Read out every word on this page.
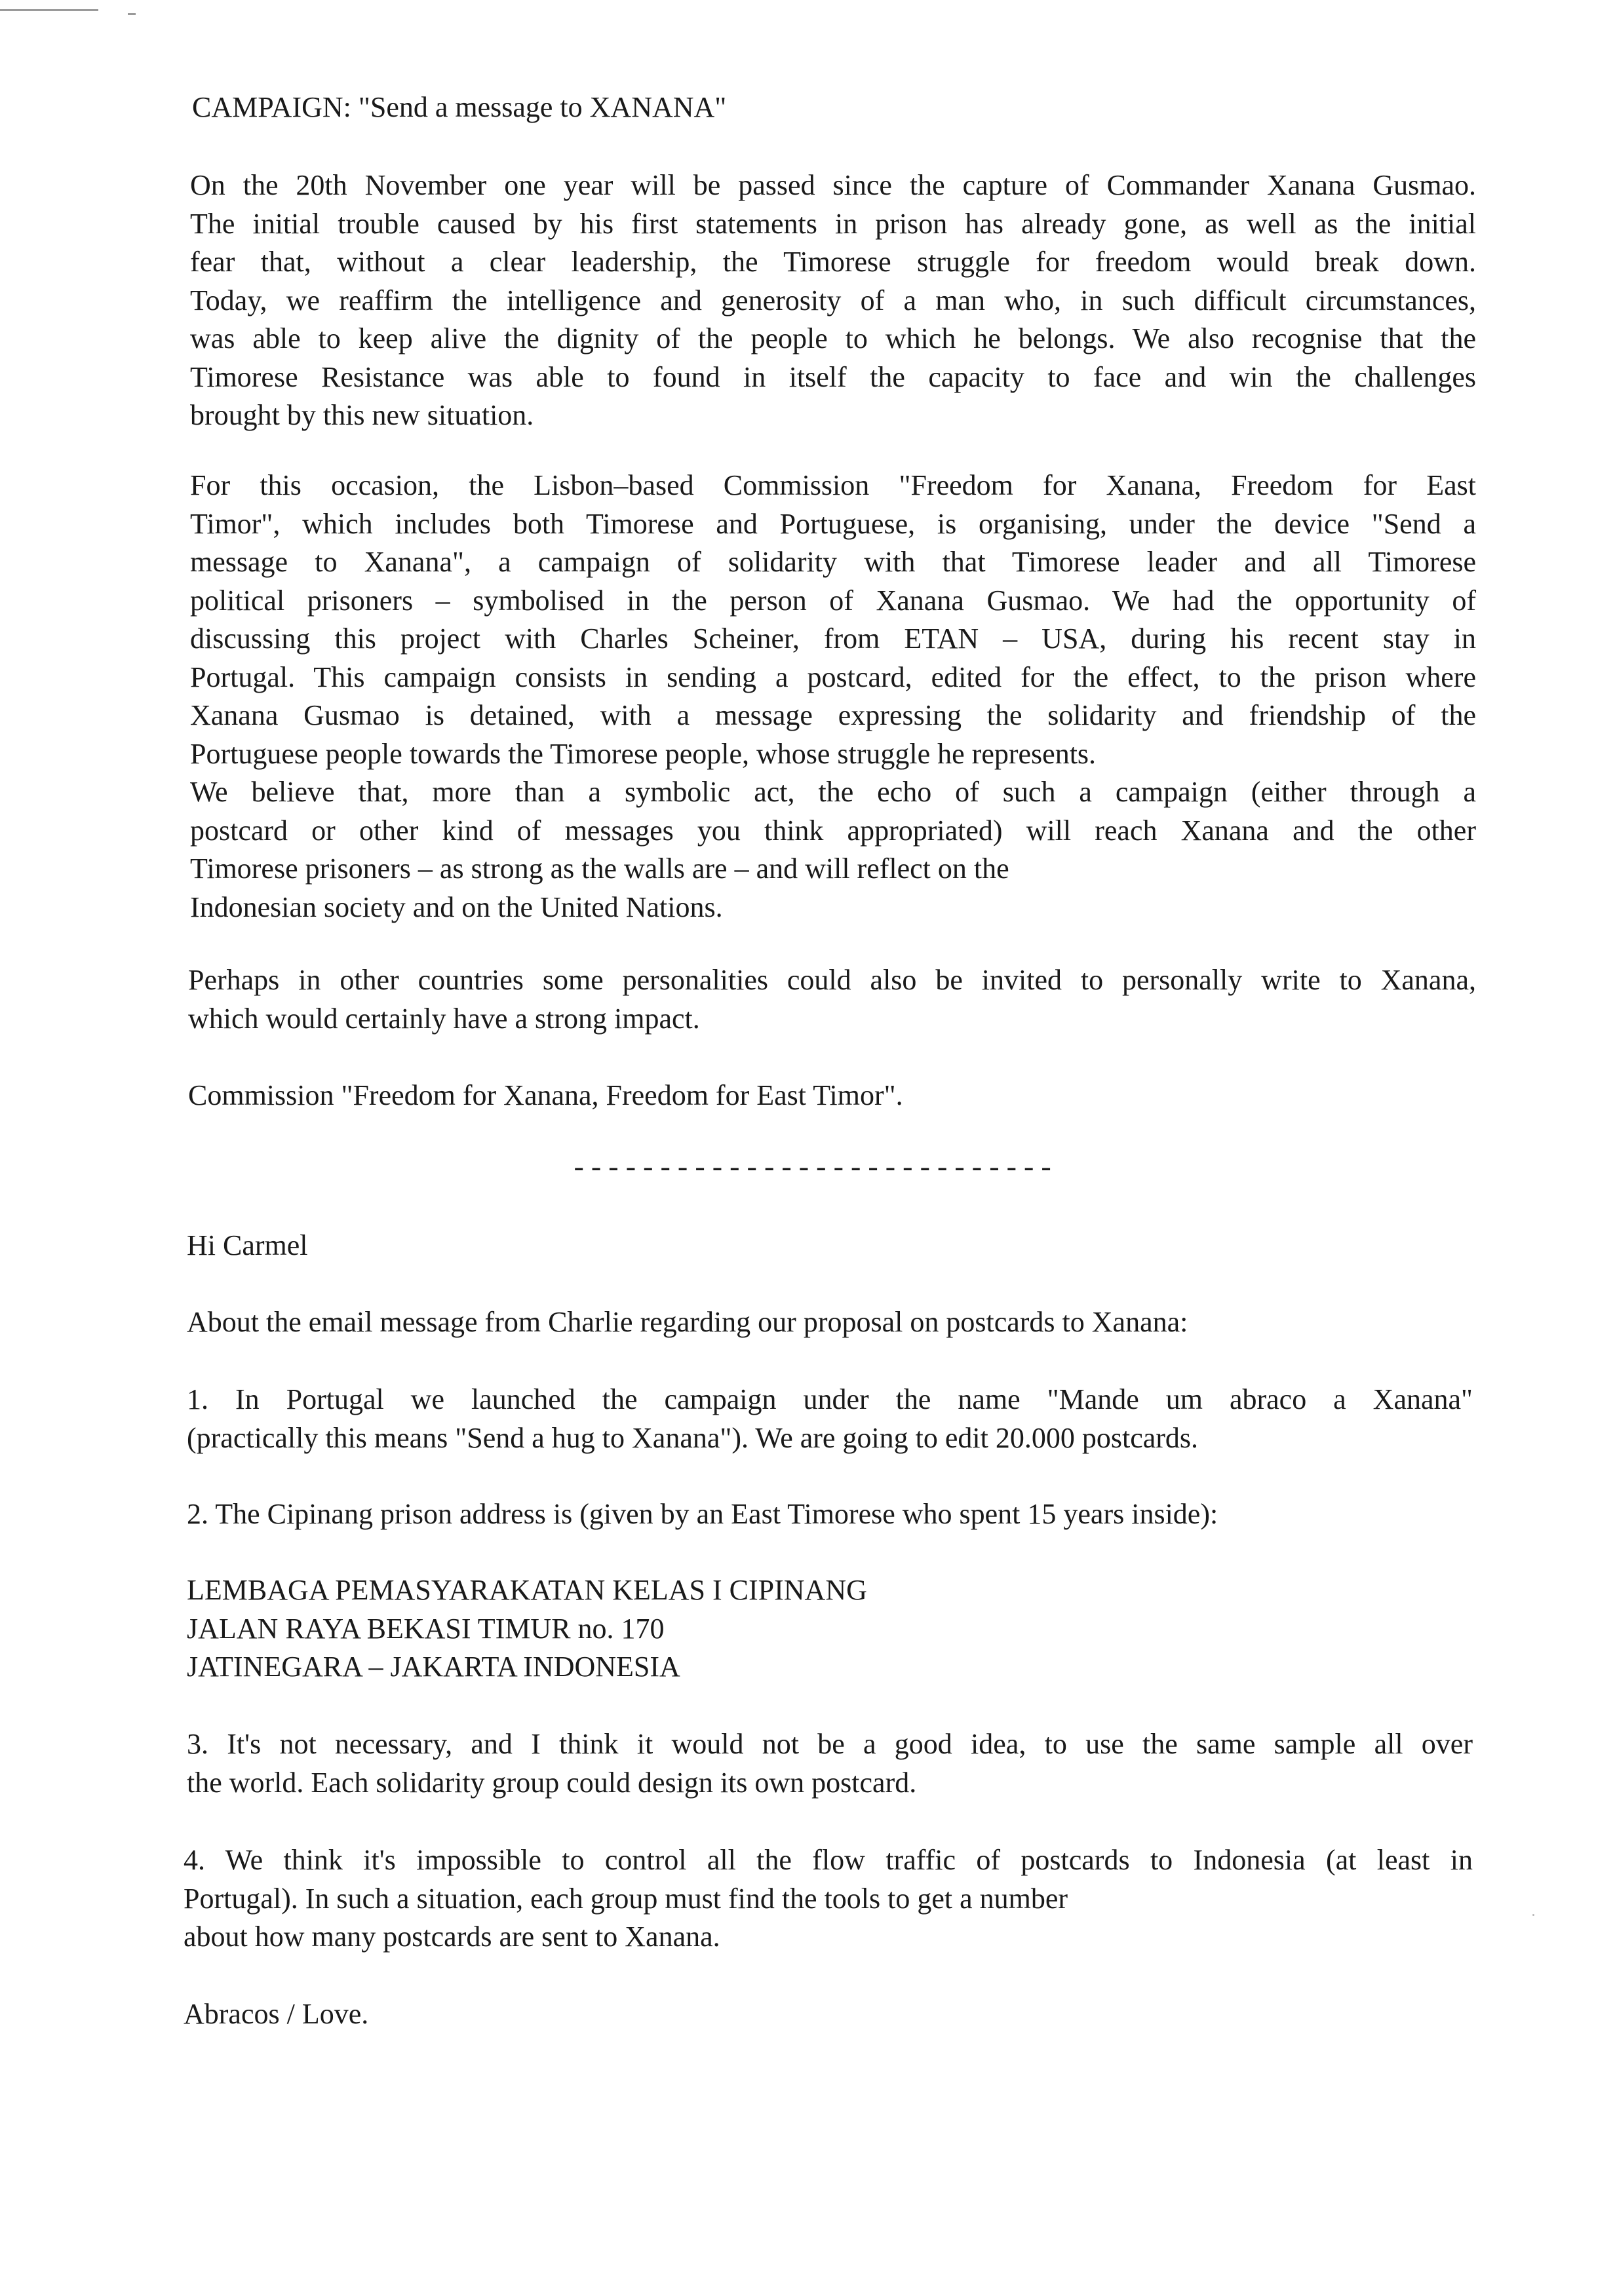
CAMPAIGN: "Send a message to XANANA"
On the 20th November one year will be passed since the capture of Commander Xanana Gusmao.
The initial trouble caused by his first statements in prison has already gone, as well as the initial
fear that, without a clear leadership, the Timorese struggle for freedom would break down.
Today, we reaffirm the intelligence and generosity of a man who, in such difficult circumstances,
was able to keep alive the dignity of the people to which he belongs. We also recognise that the
Timorese Resistance was able to found in itself the capacity to face and win the challenges
brought by this new situation.
For this occasion, the Lisbon–based Commission "Freedom for Xanana, Freedom for East
Timor", which includes both Timorese and Portuguese, is organising, under the device "Send a
message to Xanana", a campaign of solidarity with that Timorese leader and all Timorese
political prisoners – symbolised in the person of Xanana Gusmao. We had the opportunity of
discussing this project with Charles Scheiner, from ETAN – USA, during his recent stay in
Portugal. This campaign consists in sending a postcard, edited for the effect, to the prison where
Xanana Gusmao is detained, with a message expressing the solidarity and friendship of the
Portuguese people towards the Timorese people, whose struggle he represents.
We believe that, more than a symbolic act, the echo of such a campaign (either through a
postcard or other kind of messages you think appropriated) will reach Xanana and the other
Timorese prisoners – as strong as the walls are – and will reflect on the
Indonesian society and on the United Nations.
Perhaps in other countries some personalities could also be invited to personally write to Xanana,
which would certainly have a strong impact.
Commission "Freedom for Xanana, Freedom for East Timor".
----------------------------
Hi Carmel
About the email message from Charlie regarding our proposal on postcards to Xanana:
1. In Portugal we launched the campaign under the name "Mande um abraco a Xanana"
(practically this means "Send a hug to Xanana"). We are going to edit 20.000 postcards.
2. The Cipinang prison address is (given by an East Timorese who spent 15 years inside):
LEMBAGA PEMASYARAKATAN KELAS I CIPINANG
JALAN RAYA BEKASI TIMUR no. 170
JATINEGARA – JAKARTA INDONESIA
3. It's not necessary, and I think it would not be a good idea, to use the same sample all over
the world. Each solidarity group could design its own postcard.
4. We think it's impossible to control all the flow traffic of postcards to Indonesia (at least in
Portugal). In such a situation, each group must find the tools to get a number
about how many postcards are sent to Xanana.
Abracos / Love.
